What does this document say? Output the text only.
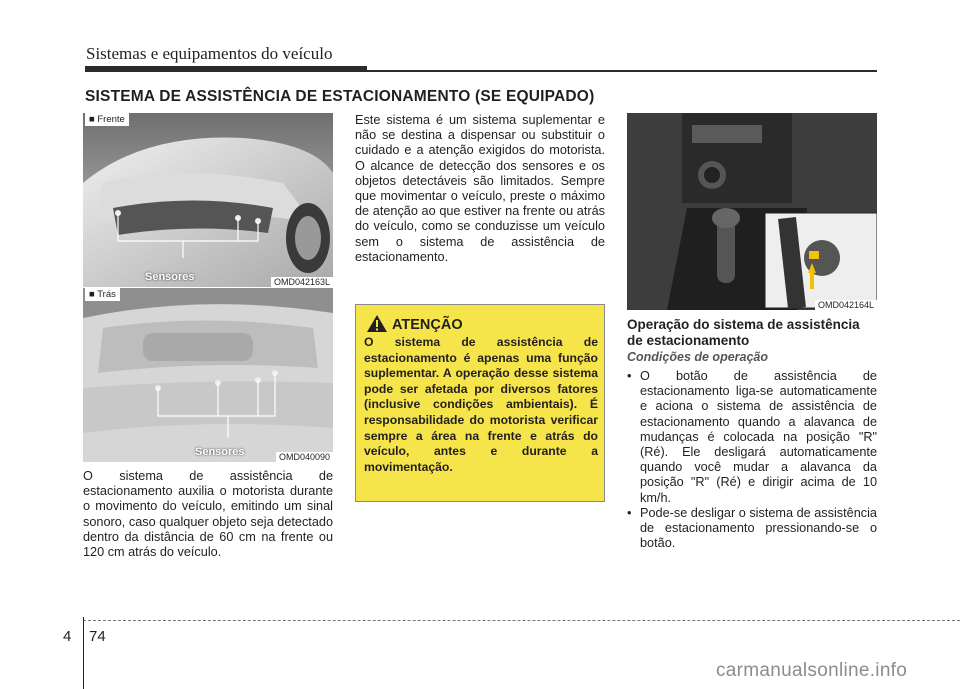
Sistemas e equipamentos do veículo
SISTEMA DE ASSISTÊNCIA DE ESTACIONAMENTO (SE EQUIPADO)
■ Frente
Sensores	OMD042163L
■ Trás
Sensores	OMD040090
O sistema de assistência de estacionamento auxilia o motorista durante o movimento do veículo, emitindo um sinal sonoro, caso qualquer objeto seja detectado dentro da distância de 60 cm na frente ou 120 cm atrás do veículo.
Este sistema é um sistema suplementar e não se destina a dispensar ou substituir o cuidado e a atenção exigidos do motorista. O alcance de detecção dos sensores e os objetos detectáveis são limitados. Sempre que movimentar o veículo, preste o máximo de atenção ao que estiver na frente ou atrás do veículo, como se conduzisse um veículo sem o sistema de assistência de estacionamento.
ATENÇÃO
O sistema de assistência de estacionamento é apenas uma função suplementar. A operação desse sistema pode ser afetada por diversos fatores (inclusive condições ambientais). É responsabilidade do motorista verificar sempre a área na frente e atrás do veículo, antes e durante a movimentação.
OMD042164L
Operação do sistema de assistência de estacionamento
Condições de operação
• O botão de assistência de estacionamento liga-se automaticamente e aciona o sistema de assistência de estacionamento quando a alavanca de mudanças é colocada na posição "R" (Ré). Ele desligará automaticamente quando você mudar a alavanca da posição "R" (Ré) e dirigir acima de 10 km/h.
• Pode-se desligar o sistema de assistência de estacionamento pressionando-se o botão.
4 74
carmanualsonline.info
